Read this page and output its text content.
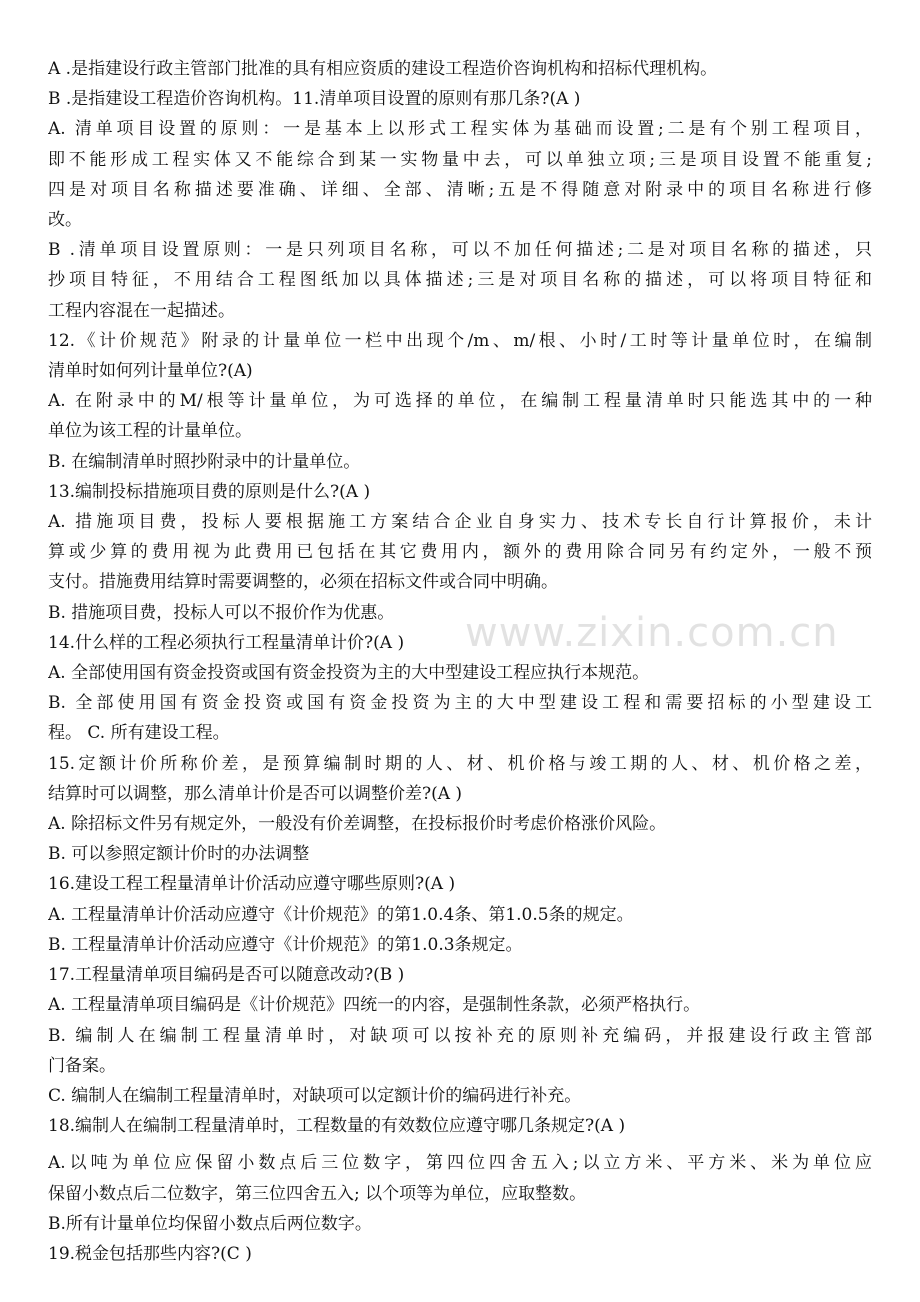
A .是指建设行政主管部门批准的具有相应资质的建设工程造价咨询机构和招标代理机构。

B .是指建设工程造价咨询机构。11.清单项目设置的原则有那几条?(A )

A. 清单项目设置的原则：一是基本上以形式工程实体为基础而设置;二是有个别工程项目，
即不能形成工程实体又不能综合到某一实物量中去，可以单独立项;三是项目设置不能重复;
四是对项目名称描述要准确、详细、全部、清晰;五是不得随意对附录中的项目名称进行修
改。

B .清单项目设置原则：一是只列项目名称，可以不加任何描述;二是对项目名称的描述，只
抄项目特征，不用结合工程图纸加以具体描述;三是对项目名称的描述，可以将项目特征和
工程内容混在一起描述。

12.《计价规范》附录的计量单位一栏中出现个/m、m/根、小时/工时等计量单位时，在编制
清单时如何列计量单位?(A)

A. 在附录中的M/根等计量单位，为可选择的单位，在编制工程量清单时只能选其中的一种
单位为该工程的计量单位。

B. 在编制清单时照抄附录中的计量单位。

13.编制投标措施项目费的原则是什么?(A )

A. 措施项目费，投标人要根据施工方案结合企业自身实力、技术专长自行计算报价，未计
算或少算的费用视为此费用已包括在其它费用内，额外的费用除合同另有约定外，一般不预
支付。措施费用结算时需要调整的，必须在招标文件或合同中明确。

B. 措施项目费，投标人可以不报价作为优惠。

14.什么样的工程必须执行工程量清单计价?(A )

A. 全部使用国有资金投资或国有资金投资为主的大中型建设工程应执行本规范。

B. 全部使用国有资金投资或国有资金投资为主的大中型建设工程和需要招标的小型建设工
程。 C. 所有建设工程。

15.定额计价所称价差，是预算编制时期的人、材、机价格与竣工期的人、材、机价格之差，
结算时可以调整，那么清单计价是否可以调整价差?(A )

A. 除招标文件另有规定外，一般没有价差调整，在投标报价时考虑价格涨价风险。

B. 可以参照定额计价时的办法调整

16.建设工程工程量清单计价活动应遵守哪些原则?(A )

A. 工程量清单计价活动应遵守《计价规范》的第1.0.4条、第1.0.5条的规定。

B. 工程量清单计价活动应遵守《计价规范》的第1.0.3条规定。

17.工程量清单项目编码是否可以随意改动?(B )

A. 工程量清单项目编码是《计价规范》四统一的内容，是强制性条款，必须严格执行。

B. 编制人在编制工程量清单时，对缺项可以按补充的原则补充编码，并报建设行政主管部
门备案。

C. 编制人在编制工程量清单时，对缺项可以定额计价的编码进行补充。

18.编制人在编制工程量清单时，工程数量的有效数位应遵守哪几条规定?(A )

A.以吨为单位应保留小数点后三位数字，第四位四舍五入;以立方米、平方米、米为单位应
保留小数点后二位数字，第三位四舍五入; 以个项等为单位，应取整数。

B.所有计量单位均保留小数点后两位数字。

19.税金包括那些内容?(C )

www.zixin.com.cn
